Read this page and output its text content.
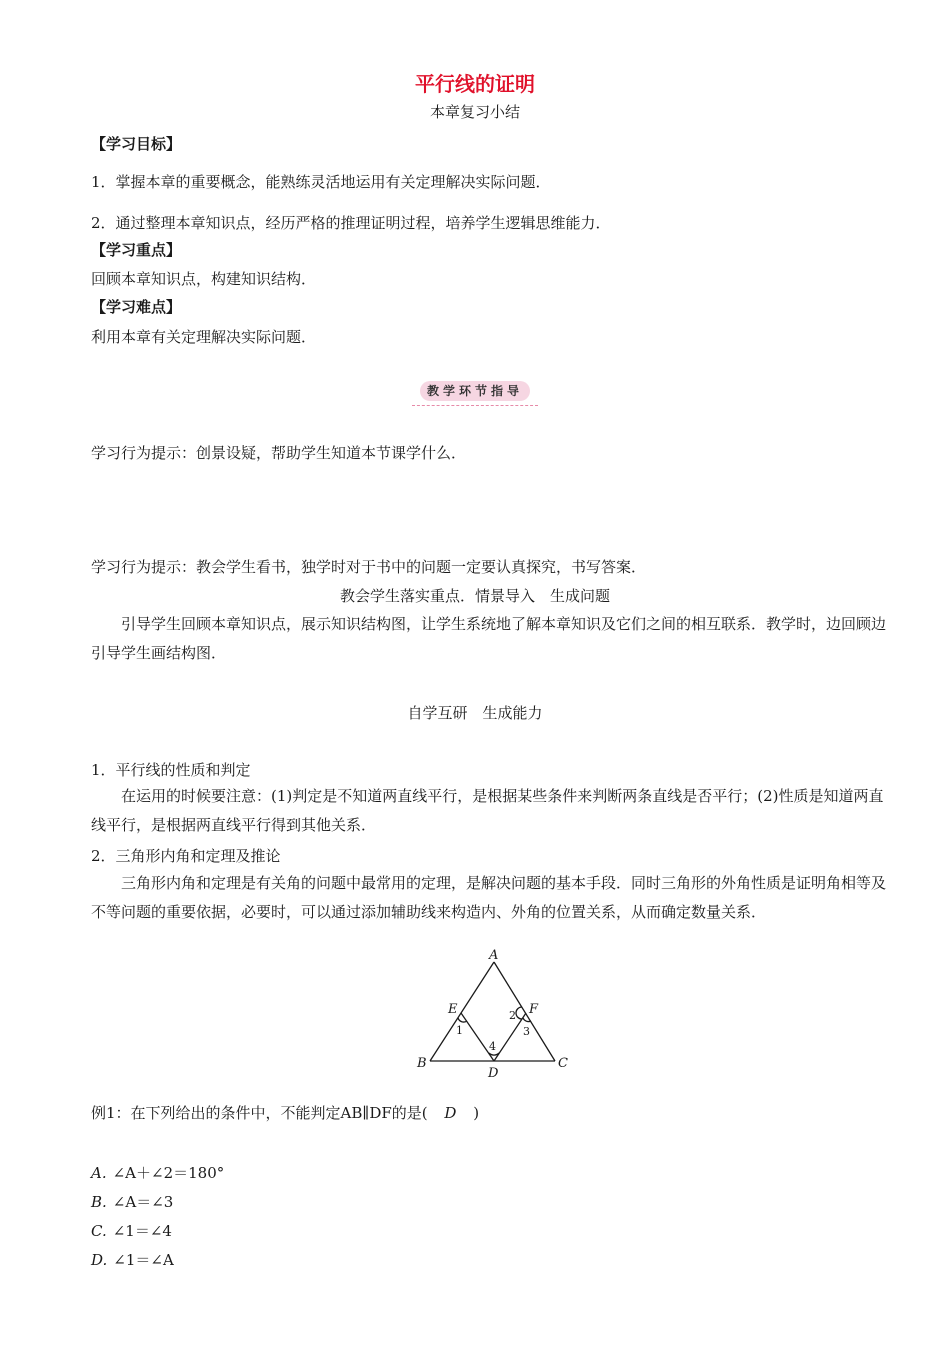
平行线的证明
本章复习小结
【学习目标】
1．掌握本章的重要概念，能熟练灵活地运用有关定理解决实际问题．
2．通过整理本章知识点，经历严格的推理证明过程，培养学生逻辑思维能力．
【学习重点】
回顾本章知识点，构建知识结构．
【学习难点】
利用本章有关定理解决实际问题．
教学环节指导
学习行为提示：创景设疑，帮助学生知道本节课学什么．
学习行为提示：教会学生看书，独学时对于书中的问题一定要认真探究，书写答案．
教会学生落实重点．情景导入　生成问题
引导学生回顾本章知识点，展示知识结构图，让学生系统地了解本章知识及它们之间的相互联系．教学时，边回顾边引导学生画结构图．
自学互研　生成能力
1．平行线的性质和判定
在运用的时候要注意：(1)判定是不知道两直线平行，是根据某些条件来判断两条直线是否平行；(2)性质是知道两直线平行，是根据两直线平行得到其他关系．
2．三角形内角和定理及推论
三角形内角和定理是有关角的问题中最常用的定理，是解决问题的基本手段．同时三角形的外角性质是证明角相等及不等问题的重要依据，必要时，可以通过添加辅助线来构造内、外角的位置关系，从而确定数量关系．
A
B	C
D
E	F
1
2
3
4
例1：在下列给出的条件中，不能判定AB∥DF的是( D )
A. ∠A＋∠2＝180°
B. ∠A＝∠3
C. ∠1＝∠4
D. ∠1＝∠A
